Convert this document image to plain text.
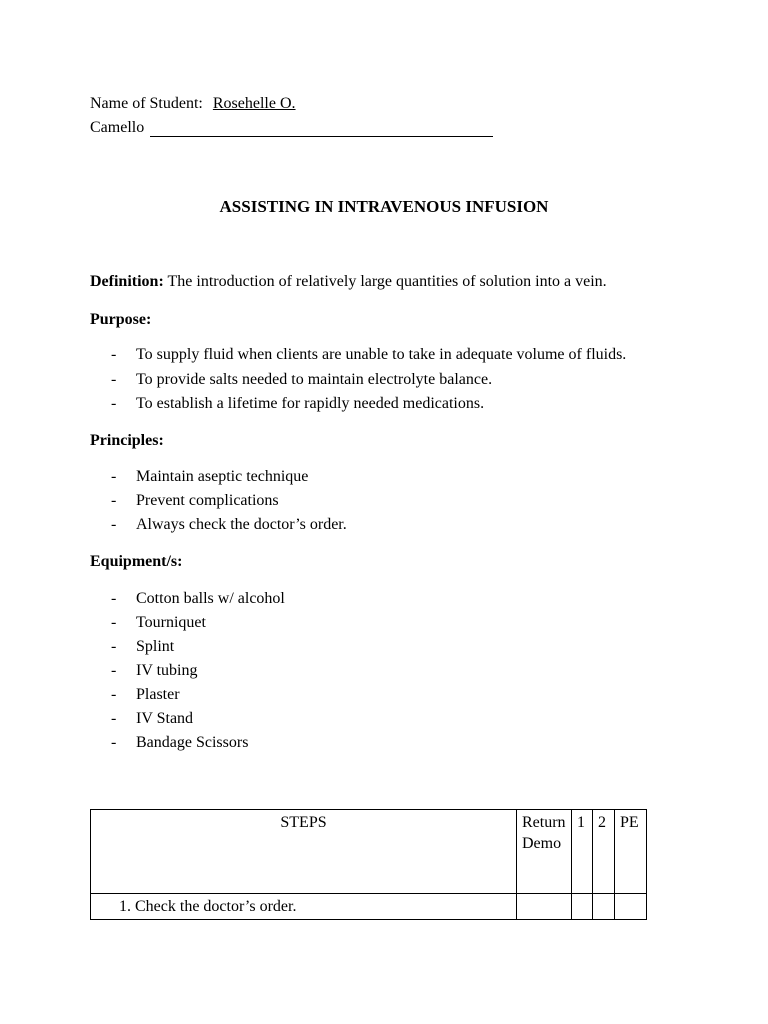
Name of Student: Rosehelle O.
Camello
ASSISTING IN INTRAVENOUS INFUSION
Definition: The introduction of relatively large quantities of solution into a vein.
Purpose:
- To supply fluid when clients are unable to take in adequate volume of fluids.
- To provide salts needed to maintain electrolyte balance.
- To establish a lifetime for rapidly needed medications.
Principles:
- Maintain aseptic technique
- Prevent complications
- Always check the doctor’s order.
Equipment/s:
- Cotton balls w/ alcohol
- Tourniquet
- Splint
- IV tubing
- Plaster
- IV Stand
- Bandage Scissors
STEPS	Return Demo	1	2	PE
1. Check the doctor’s order.				
